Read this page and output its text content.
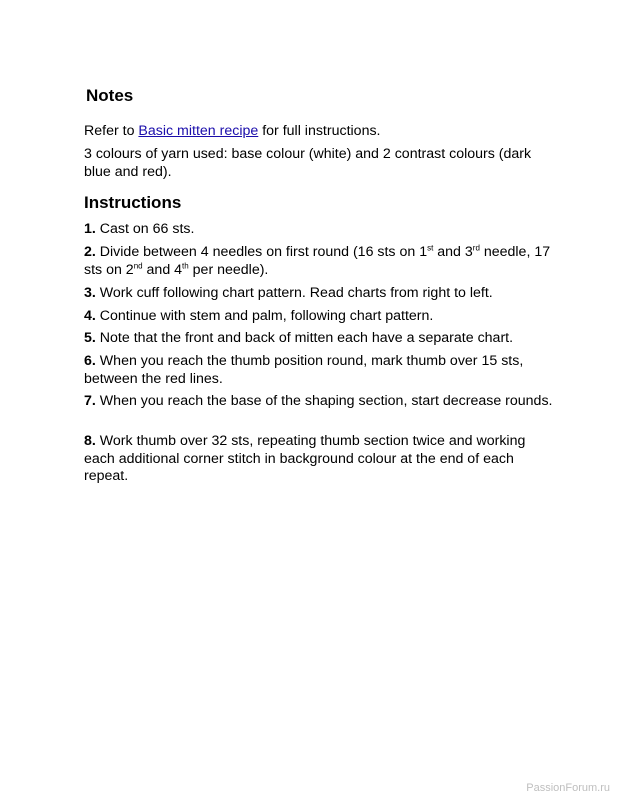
Notes

Refer to Basic mitten recipe for full instructions.

3 colours of yarn used: base colour (white) and 2 contrast colours (dark blue and red).

Instructions

1. Cast on 66 sts.

2. Divide between 4 needles on first round (16 sts on 1st and 3rd needle, 17 sts on 2nd and 4th per needle).

3. Work cuff following chart pattern. Read charts from right to left.

4. Continue with stem and palm, following chart pattern.

5. Note that the front and back of mitten each have a separate chart.

6. When you reach the thumb position round, mark thumb over 15 sts, between the red lines.

7. When you reach the base of the shaping section, start decrease rounds.

8. Work thumb over 32 sts, repeating thumb section twice and working each additional corner stitch in background colour at the end of each repeat.

PassionForum.ru
